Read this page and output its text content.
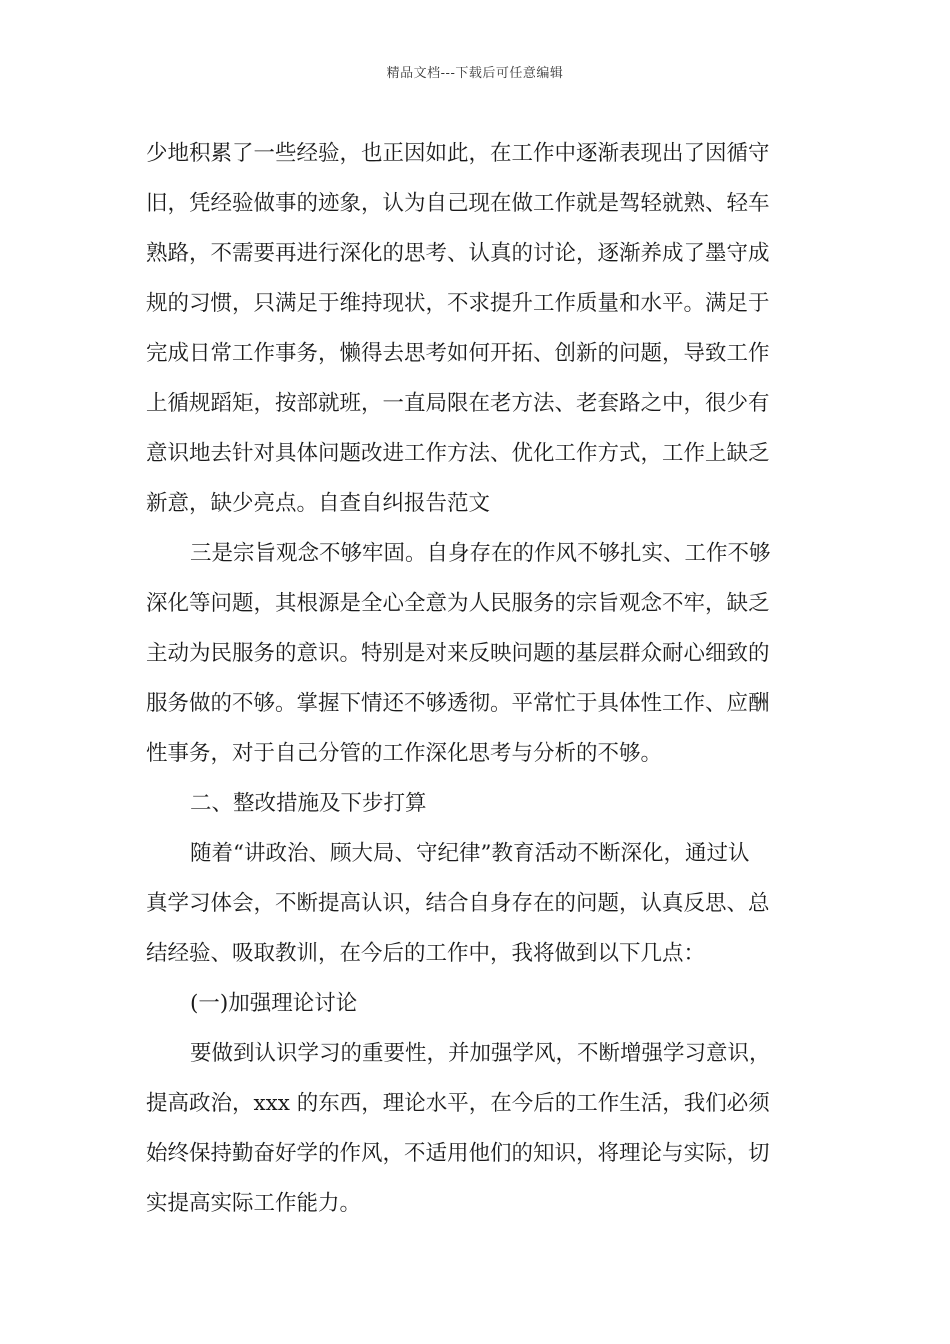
精品文档---下载后可任意编辑
少地积累了一些经验，也正因如此，在工作中逐渐表现出了因循守
旧，凭经验做事的迹象，认为自己现在做工作就是驾轻就熟、轻车
熟路，不需要再进行深化的思考、认真的讨论，逐渐养成了墨守成
规的习惯，只满足于维持现状，不求提升工作质量和水平。满足于
完成日常工作事务，懒得去思考如何开拓、创新的问题，导致工作
上循规蹈矩，按部就班，一直局限在老方法、老套路之中，很少有
意识地去针对具体问题改进工作方法、优化工作方式，工作上缺乏
新意，缺少亮点。自查自纠报告范文
三是宗旨观念不够牢固。自身存在的作风不够扎实、工作不够
深化等问题，其根源是全心全意为人民服务的宗旨观念不牢，缺乏
主动为民服务的意识。特别是对来反映问题的基层群众耐心细致的
服务做的不够。掌握下情还不够透彻。平常忙于具体性工作、应酬
性事务，对于自己分管的工作深化思考与分析的不够。
二、整改措施及下步打算
随着“讲政治、顾大局、守纪律”教育活动不断深化，通过认
真学习体会，不断提高认识，结合自身存在的问题，认真反思、总
结经验、吸取教训，在今后的工作中，我将做到以下几点：
(一)加强理论讨论
要做到认识学习的重要性，并加强学风，不断增强学习意识，
提高政治，xxx 的东西，理论水平，在今后的工作生活，我们必须
始终保持勤奋好学的作风，不适用他们的知识，将理论与实际，切
实提高实际工作能力。
